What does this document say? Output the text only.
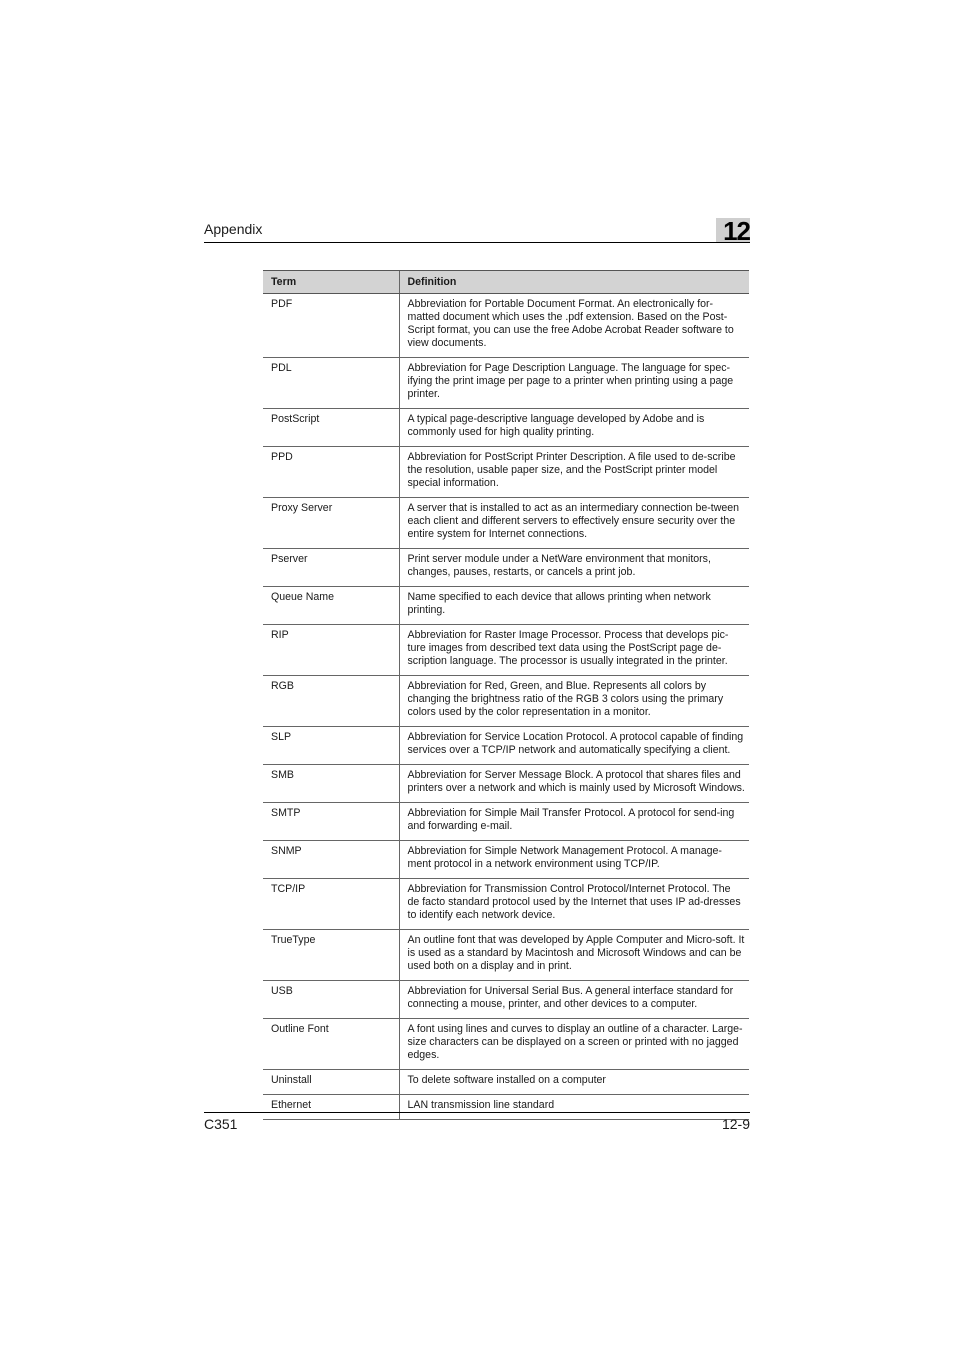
Appendix	12
Term	Definition
PDF	Abbreviation for Portable Document Format. An electronically for-matted document which uses the .pdf extension. Based on the Post-Script format, you can use the free Adobe Acrobat Reader software to view documents.
PDL	Abbreviation for Page Description Language. The language for spec-ifying the print image per page to a printer when printing using a page printer.
PostScript	A typical page-descriptive language developed by Adobe and is commonly used for high quality printing.
PPD	Abbreviation for PostScript Printer Description. A file used to de-scribe the resolution, usable paper size, and the PostScript printer model special information.
Proxy Server	A server that is installed to act as an intermediary connection be-tween each client and different servers to effectively ensure security over the entire system for Internet connections.
Pserver	Print server module under a NetWare environment that monitors, changes, pauses, restarts, or cancels a print job.
Queue Name	Name specified to each device that allows printing when network printing.
RIP	Abbreviation for Raster Image Processor. Process that develops pic-ture images from described text data using the PostScript page de-scription language. The processor is usually integrated in the printer.
RGB	Abbreviation for Red, Green, and Blue. Represents all colors by changing the brightness ratio of the RGB 3 colors using the primary colors used by the color representation in a monitor.
SLP	Abbreviation for Service Location Protocol. A protocol capable of finding services over a TCP/IP network and automatically specifying a client.
SMB	Abbreviation for Server Message Block. A protocol that shares files and printers over a network and which is mainly used by Microsoft Windows.
SMTP	Abbreviation for Simple Mail Transfer Protocol. A protocol for send-ing and forwarding e-mail.
SNMP	Abbreviation for Simple Network Management Protocol. A manage-ment protocol in a network environment using TCP/IP.
TCP/IP	Abbreviation for Transmission Control Protocol/Internet Protocol. The de facto standard protocol used by the Internet that uses IP ad-dresses to identify each network device.
TrueType	An outline font that was developed by Apple Computer and Micro-soft. It is used as a standard by Macintosh and Microsoft Windows and can be used both on a display and in print.
USB	Abbreviation for Universal Serial Bus. A general interface standard for connecting a mouse, printer, and other devices to a computer.
Outline Font	A font using lines and curves to display an outline of a character. Large-size characters can be displayed on a screen or printed with no jagged edges.
Uninstall	To delete software installed on a computer
Ethernet	LAN transmission line standard
C351	12-9
